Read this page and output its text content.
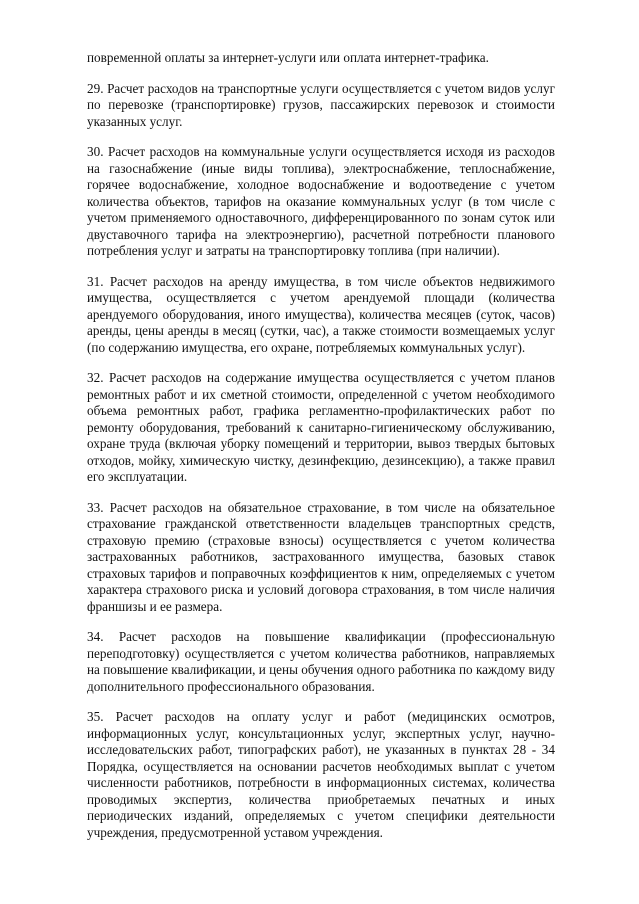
повременной оплаты за интернет-услуги или оплата интернет-трафика.

29. Расчет расходов на транспортные услуги осуществляется с учетом видов услуг по перевозке (транспортировке) грузов, пассажирских перевозок и стоимости указанных услуг.

30. Расчет расходов на коммунальные услуги осуществляется исходя из расходов на газоснабжение (иные виды топлива), электроснабжение, теплоснабжение, горячее водоснабжение, холодное водоснабжение и водоотведение с учетом количества объектов, тарифов на оказание коммунальных услуг (в том числе с учетом применяемого одноставочного, дифференцированного по зонам суток или двуставочного тарифа на электроэнергию), расчетной потребности планового потребления услуг и затраты на транспортировку топлива (при наличии).

31. Расчет расходов на аренду имущества, в том числе объектов недвижимого имущества, осуществляется с учетом арендуемой площади (количества арендуемого оборудования, иного имущества), количества месяцев (суток, часов) аренды, цены аренды в месяц (сутки, час), а также стоимости возмещаемых услуг (по содержанию имущества, его охране, потребляемых коммунальных услуг).

32. Расчет расходов на содержание имущества осуществляется с учетом планов ремонтных работ и их сметной стоимости, определенной с учетом необходимого объема ремонтных работ, графика регламентно-профилактических работ по ремонту оборудования, требований к санитарно-гигиеническому обслуживанию, охране труда (включая уборку помещений и территории, вывоз твердых бытовых отходов, мойку, химическую чистку, дезинфекцию, дезинсекцию), а также правил его эксплуатации.

33. Расчет расходов на обязательное страхование, в том числе на обязательное страхование гражданской ответственности владельцев транспортных средств, страховую премию (страховые взносы) осуществляется с учетом количества застрахованных работников, застрахованного имущества, базовых ставок страховых тарифов и поправочных коэффициентов к ним, определяемых с учетом характера страхового риска и условий договора страхования, в том числе наличия франшизы и ее размера.

34. Расчет расходов на повышение квалификации (профессиональную переподготовку) осуществляется с учетом количества работников, направляемых на повышение квалификации, и цены обучения одного работника по каждому виду дополнительного профессионального образования.

35. Расчет расходов на оплату услуг и работ (медицинских осмотров, информационных услуг, консультационных услуг, экспертных услуг, научно-исследовательских работ, типографских работ), не указанных в пунктах 28 - 34 Порядка, осуществляется на основании расчетов необходимых выплат с учетом численности работников, потребности в информационных системах, количества проводимых экспертиз, количества приобретаемых печатных и иных периодических изданий, определяемых с учетом специфики деятельности учреждения, предусмотренной уставом учреждения.
